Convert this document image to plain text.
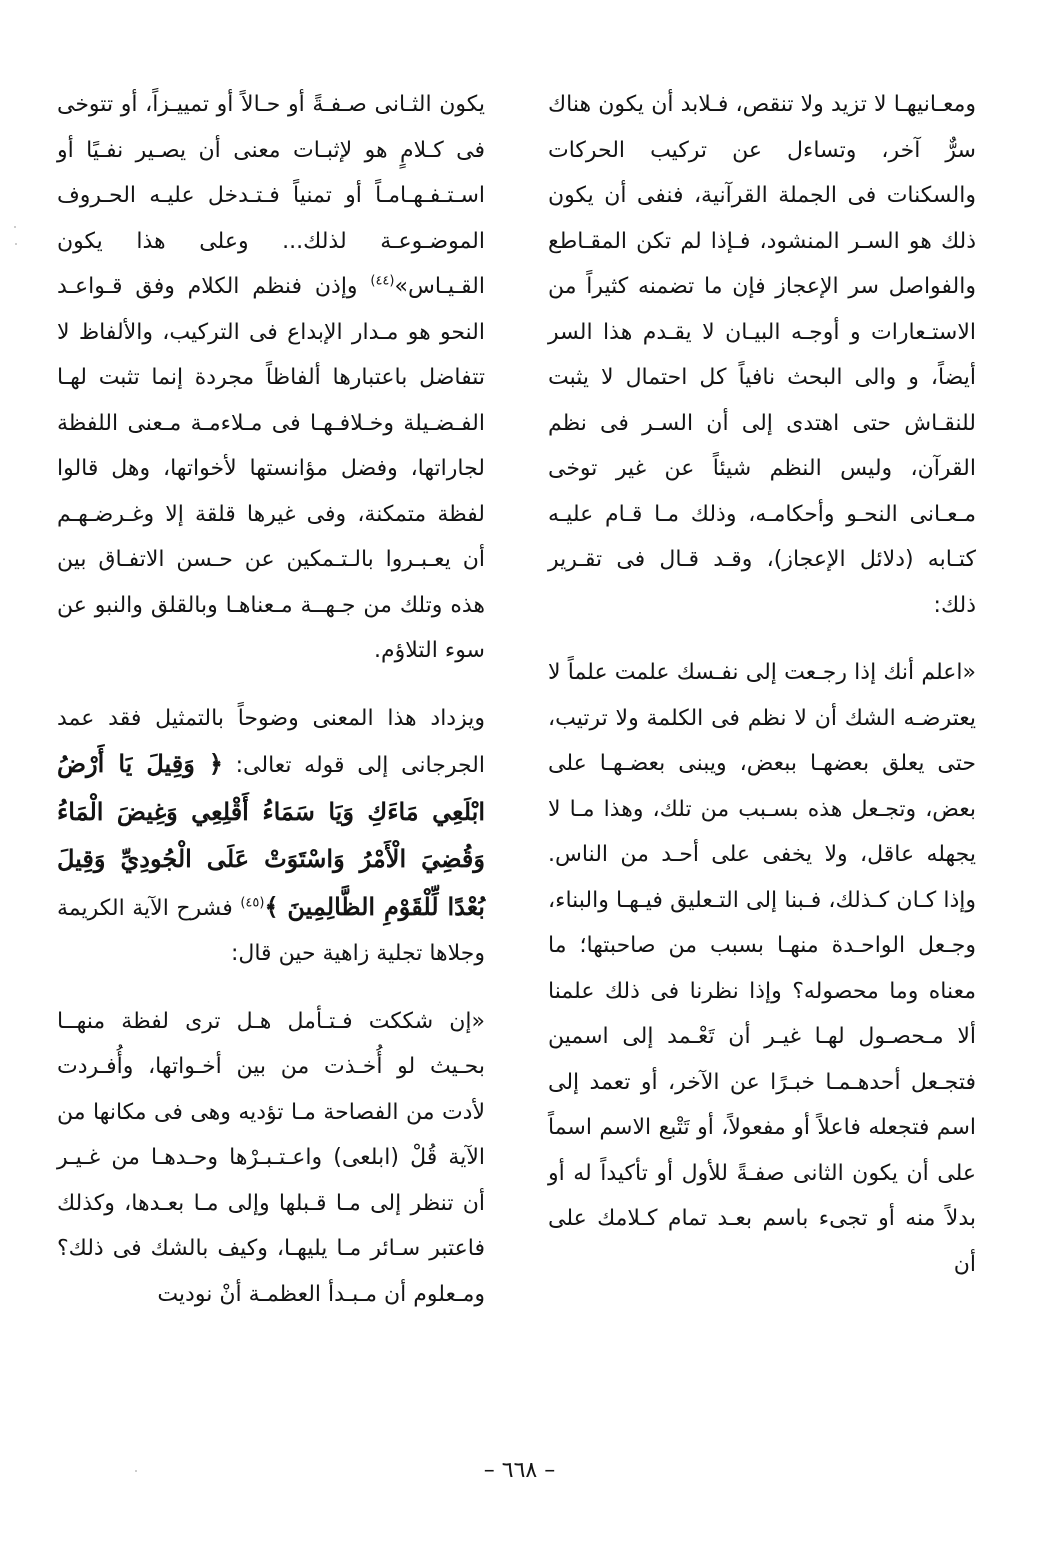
ومعـانيهـا لا تزيد ولا تنقص، فـلابد أن يكون هناك سرٌّ آخر، وتساءل عن تركيب الحركات والسكنات فى الجملة القرآنية، فنفى أن يكون ذلك هو السـر المنشود، فـإذا لم تكن المقـاطع والفواصل سر الإعجاز فإن ما تضمنه كثيراً من الاستـعارات و أوجـه البيـان لا يقـدم هذا السر أيضاً، و والى البحث نافياً كل احتمال لا يثبت للنقـاش حتى اهتدى إلى أن السـر فى نظم القرآن، وليس النظم شيئاً عن غير توخى مـعـانى النحـو وأحكامـه، وذلك مـا قـام عليـه كتـابه (دلائل الإعجاز)، وقـد قـال فى تقـرير ذلك:

«اعلم أنك إذا رجـعت إلى نفـسك علمت علماً لا يعترضـه الشك أن لا نظم فى الكلمة ولا ترتيب، حتى يعلق بعضهـا ببعض، ويبنى بعضـهـا على بعض، وتجـعل هذه بسـبب من تلك، وهذا مـا لا يجهله عاقل، ولا يخفى على أحـد من الناس. وإذا كـان كـذلك، فـبنا إلى التـعليق فيـهـا والبناء، وجـعل الواحـدة منهـا بسبب من صاحبتها؛ ما معناه وما محصوله؟ وإذا نظرنا فى ذلك علمنا ألا مـحصـول لهـا غيـر أن تَعْـمد إلى اسمين فتجـعل أحدهـمـا خبـرًا عن الآخر، أو تعمد إلى اسم فتجعله فاعلاً أو مفعولاً، أو تَتْبع الاسم اسماً على أن يكون الثانى صفـةً للأول أو تأكيداً له أو بدلاً منه أو تجىء باسم بعـد تمام كـلامك على أن

يكون الثـانى صـفـةً أو حـالاً أو تمييـزاً، أو تتوخى فى كـلامٍ هو لإثبـات معنى أن يصـير نفـيًا أو اسـتـفـهـامـاً أو تمنياً فـتـدخل عليـه الحـروف الموضـوعـة لذلك... وعلى هذا يكون القـيـاس»$^{(٤٤)}$ وإذن فنظم الكلام وفق قـواعـد النحو هو مـدار الإبداع فى التركيب، والألفاظ لا تتفاضل باعتبارها ألفاظاً مجردة إنما تثبت لهـا الفـضـيلة وخـلافـهـا فى مـلاءمـة مـعنى اللفظة لجاراتها، وفضل مؤانستها لأخواتها، وهل قالوا لفظة متمكنة، وفى غيرها قلقة إلا وغـرضـهـم أن يعـبـروا بالـتـمكين عن حـسن الاتفـاق بين هذه وتلك من جـهــة مـعناهـا وبالقلق والنبو عن سوء التلاؤم.

ويزداد هذا المعنى وضوحاً بالتمثيل فقد عمد الجرجانى إلى قوله تعالى: ﴿ وَقِيلَ يَا أَرْضُ ابْلَعِي مَاءَكِ وَيَا سَمَاءُ أَقْلِعِي وَغِيضَ الْمَاءُ وَقُضِيَ الْأَمْرُ وَاسْتَوَتْ عَلَى الْجُودِيِّ وَقِيلَ بُعْدًا لِّلْقَوْمِ الظَّالِمِينَ ﴾$^{(٤٥)}$ فشرح الآية الكريمة وجلاها تجلية زاهية حين قال:

«إن شككت فـتـأمل هـل ترى لفظة منهــا بحـيث لو أُخـذت من بين أخـواتها، وأُفـردت لأدت من الفصاحة مـا تؤديه وهى فى مكانها من الآية قُلْ (ابلعى) واعـتـبـرْها وحـدهـا من غـيـر أن تنظر إلى مـا قـبلها وإلى مـا بعـدها، وكذلك فاعتبر سـائر مـا يليهـا، وكيف بالشك فى ذلك؟ ومـعلوم أن مـبـدأ العظمـة أنْ نوديت

– ٦٦٨ –
